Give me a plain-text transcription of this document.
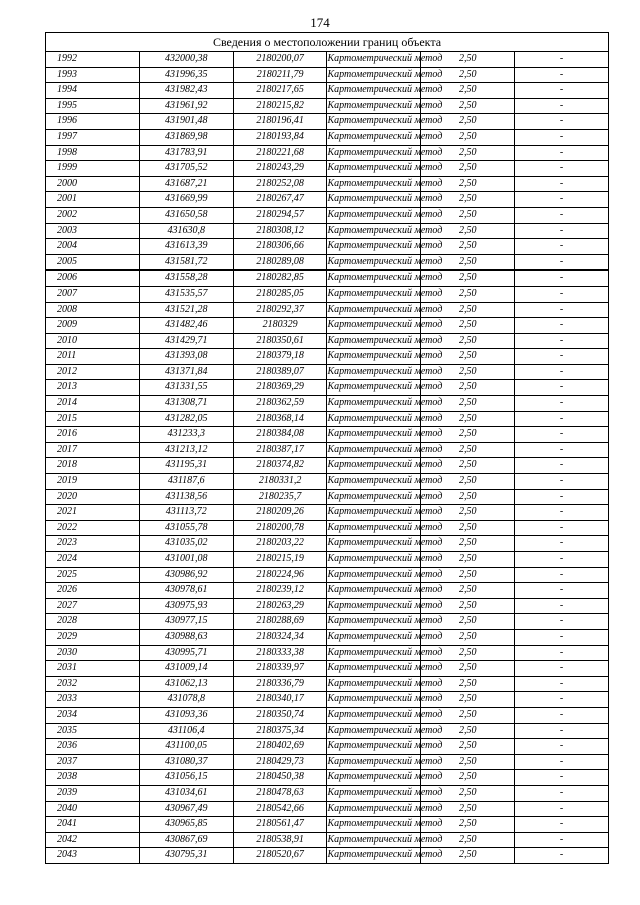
174
Сведения о местоположении границ объекта					
1992	432000,38	2180200,07	Картометрический метод	2,50	-
1993	431996,35	2180211,79	Картометрический метод	2,50	-
1994	431982,43	2180217,65	Картометрический метод	2,50	-
1995	431961,92	2180215,82	Картометрический метод	2,50	-
1996	431901,48	2180196,41	Картометрический метод	2,50	-
1997	431869,98	2180193,84	Картометрический метод	2,50	-
1998	431783,91	2180221,68	Картометрический метод	2,50	-
1999	431705,52	2180243,29	Картометрический метод	2,50	-
2000	431687,21	2180252,08	Картометрический метод	2,50	-
2001	431669,99	2180267,47	Картометрический метод	2,50	-
2002	431650,58	2180294,57	Картометрический метод	2,50	-
2003	431630,8	2180308,12	Картометрический метод	2,50	-
2004	431613,39	2180306,66	Картометрический метод	2,50	-
2005	431581,72	2180289,08	Картометрический метод	2,50	-
2006	431558,28	2180282,85	Картометрический метод	2,50	-
2007	431535,57	2180285,05	Картометрический метод	2,50	-
2008	431521,28	2180292,37	Картометрический метод	2,50	-
2009	431482,46	2180329	Картометрический метод	2,50	-
2010	431429,71	2180350,61	Картометрический метод	2,50	-
2011	431393,08	2180379,18	Картометрический метод	2,50	-
2012	431371,84	2180389,07	Картометрический метод	2,50	-
2013	431331,55	2180369,29	Картометрический метод	2,50	-
2014	431308,71	2180362,59	Картометрический метод	2,50	-
2015	431282,05	2180368,14	Картометрический метод	2,50	-
2016	431233,3	2180384,08	Картометрический метод	2,50	-
2017	431213,12	2180387,17	Картометрический метод	2,50	-
2018	431195,31	2180374,82	Картометрический метод	2,50	-
2019	431187,6	2180331,2	Картометрический метод	2,50	-
2020	431138,56	2180235,7	Картометрический метод	2,50	-
2021	431113,72	2180209,26	Картометрический метод	2,50	-
2022	431055,78	2180200,78	Картометрический метод	2,50	-
2023	431035,02	2180203,22	Картометрический метод	2,50	-
2024	431001,08	2180215,19	Картометрический метод	2,50	-
2025	430986,92	2180224,96	Картометрический метод	2,50	-
2026	430978,61	2180239,12	Картометрический метод	2,50	-
2027	430975,93	2180263,29	Картометрический метод	2,50	-
2028	430977,15	2180288,69	Картометрический метод	2,50	-
2029	430988,63	2180324,34	Картометрический метод	2,50	-
2030	430995,71	2180333,38	Картометрический метод	2,50	-
2031	431009,14	2180339,97	Картометрический метод	2,50	-
2032	431062,13	2180336,79	Картометрический метод	2,50	-
2033	431078,8	2180340,17	Картометрический метод	2,50	-
2034	431093,36	2180350,74	Картометрический метод	2,50	-
2035	431106,4	2180375,34	Картометрический метод	2,50	-
2036	431100,05	2180402,69	Картометрический метод	2,50	-
2037	431080,37	2180429,73	Картометрический метод	2,50	-
2038	431056,15	2180450,38	Картометрический метод	2,50	-
2039	431034,61	2180478,63	Картометрический метод	2,50	-
2040	430967,49	2180542,66	Картометрический метод	2,50	-
2041	430965,85	2180561,47	Картометрический метод	2,50	-
2042	430867,69	2180538,91	Картометрический метод	2,50	-
2043	430795,31	2180520,67	Картометрический метод	2,50	-
